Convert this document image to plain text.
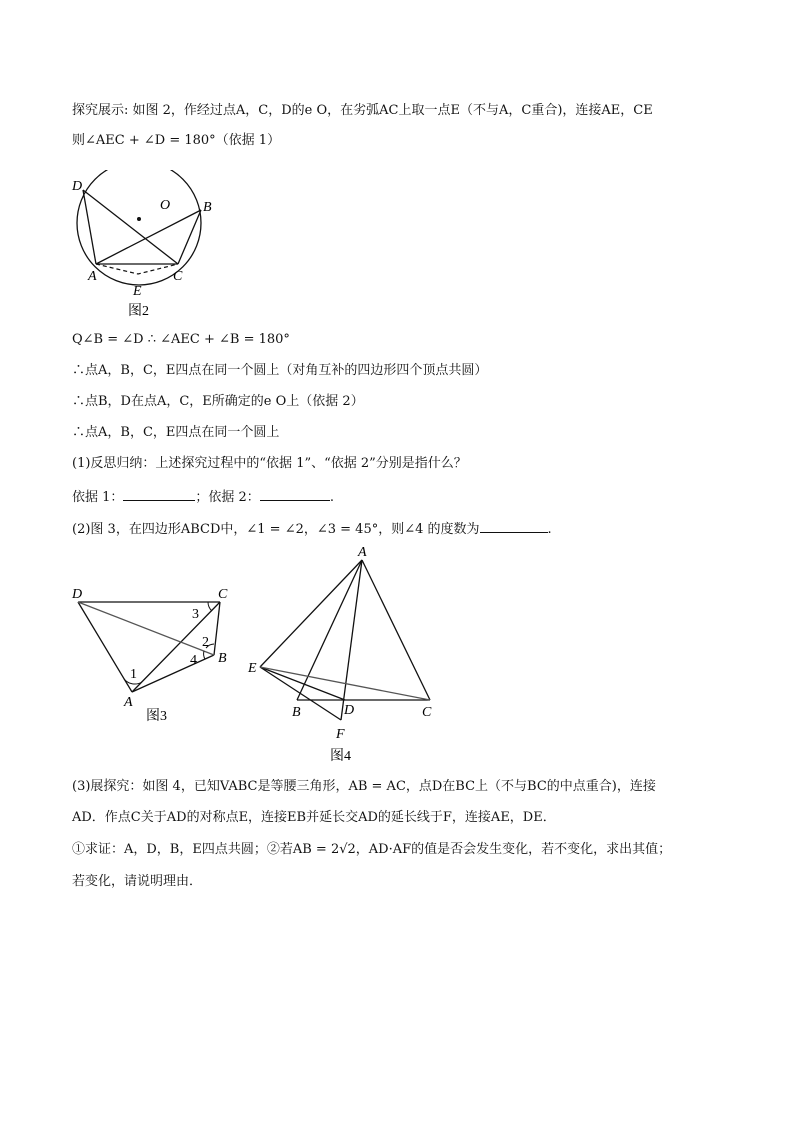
探究展示: 如图 2，作经过点A，C，D的e O，在劣弧AC上取一点E（不与A，C重合)，连接AE，CE
则∠AEC + ∠D = 180°（依据 1）
D
O B
A	C
E
图2
Q∠B = ∠D ∴ ∠AEC + ∠B = 180°
∴点A，B，C，E四点在同一个圆上（对角互补的四边形四个顶点共圆）
∴点B，D在点A，C，E所确定的e O上（依据 2）
∴点A，B，C，E四点在同一个圆上
(1)反思归纳：上述探究过程中的“依据 1”、“依据 2”分别是指什么？
依据 1：	；依据 2：	.
(2)图 3，在四边形ABCD中，∠1 = ∠2，∠3 = 45°，则∠4 的度数为	.
D	C
B
A
1
3
2
4
图3
A
E
B	D	C
F
图4
(3)展探究：如图 4，已知VABC是等腰三角形，AB = AC，点D在BC上（不与BC的中点重合)，连接
AD．作点C关于AD的对称点E，连接EB并延长交AD的延长线于F，连接AE，DE．
①求证：A，D，B，E四点共圆；②若AB = 2√2，AD·AF的值是否会发生变化，若不变化，求出其值；
若变化，请说明理由．
